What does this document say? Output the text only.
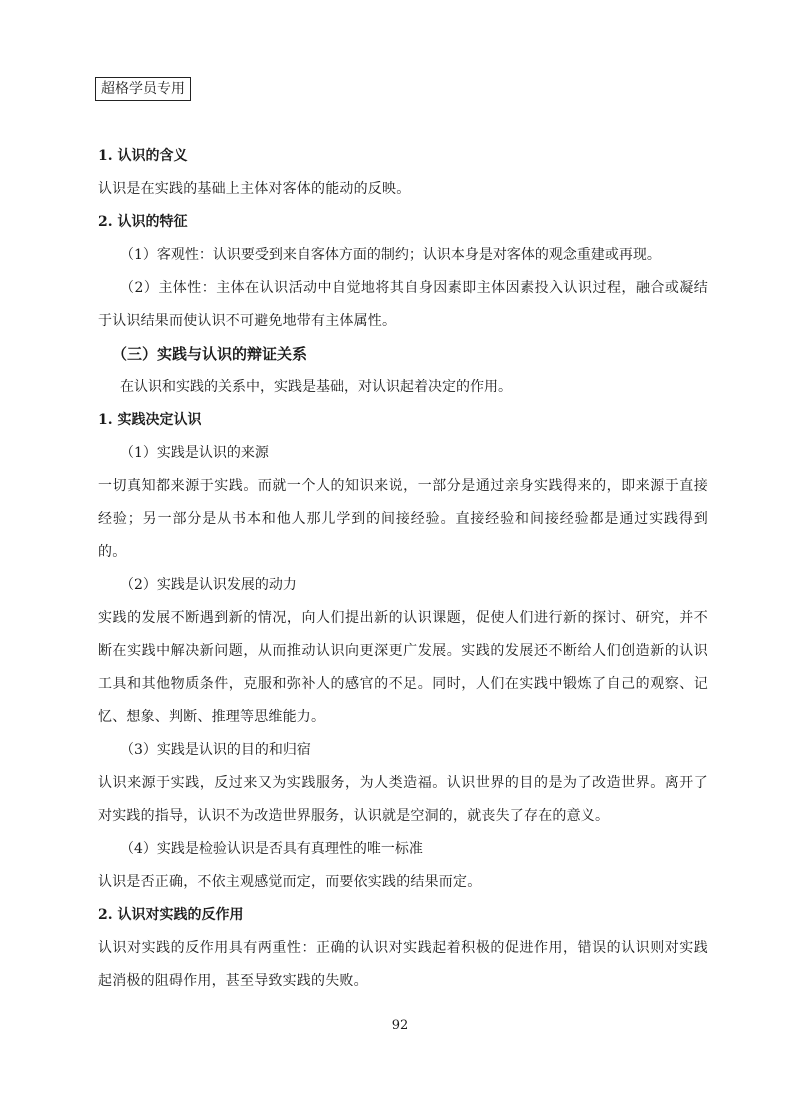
超格学员专用

1. 认识的含义

认识是在实践的基础上主体对客体的能动的反映。

2. 认识的特征

（1）客观性：认识要受到来自客体方面的制约；认识本身是对客体的观念重建或再现。

（2）主体性：主体在认识活动中自觉地将其自身因素即主体因素投入认识过程，融合或凝结于认识结果而使认识不可避免地带有主体属性。

（三）实践与认识的辩证关系

在认识和实践的关系中，实践是基础，对认识起着决定的作用。

1. 实践决定认识

（1）实践是认识的来源

一切真知都来源于实践。而就一个人的知识来说，一部分是通过亲身实践得来的，即来源于直接经验；另一部分是从书本和他人那儿学到的间接经验。直接经验和间接经验都是通过实践得到的。

（2）实践是认识发展的动力

实践的发展不断遇到新的情况，向人们提出新的认识课题，促使人们进行新的探讨、研究，并不断在实践中解决新问题，从而推动认识向更深更广发展。实践的发展还不断给人们创造新的认识工具和其他物质条件，克服和弥补人的感官的不足。同时，人们在实践中锻炼了自己的观察、记忆、想象、判断、推理等思维能力。

（3）实践是认识的目的和归宿

认识来源于实践，反过来又为实践服务，为人类造福。认识世界的目的是为了改造世界。离开了对实践的指导，认识不为改造世界服务，认识就是空洞的，就丧失了存在的意义。

（4）实践是检验认识是否具有真理性的唯一标准

认识是否正确，不依主观感觉而定，而要依实践的结果而定。

2. 认识对实践的反作用

认识对实践的反作用具有两重性：正确的认识对实践起着积极的促进作用，错误的认识则对实践起消极的阻碍作用，甚至导致实践的失败。

92
